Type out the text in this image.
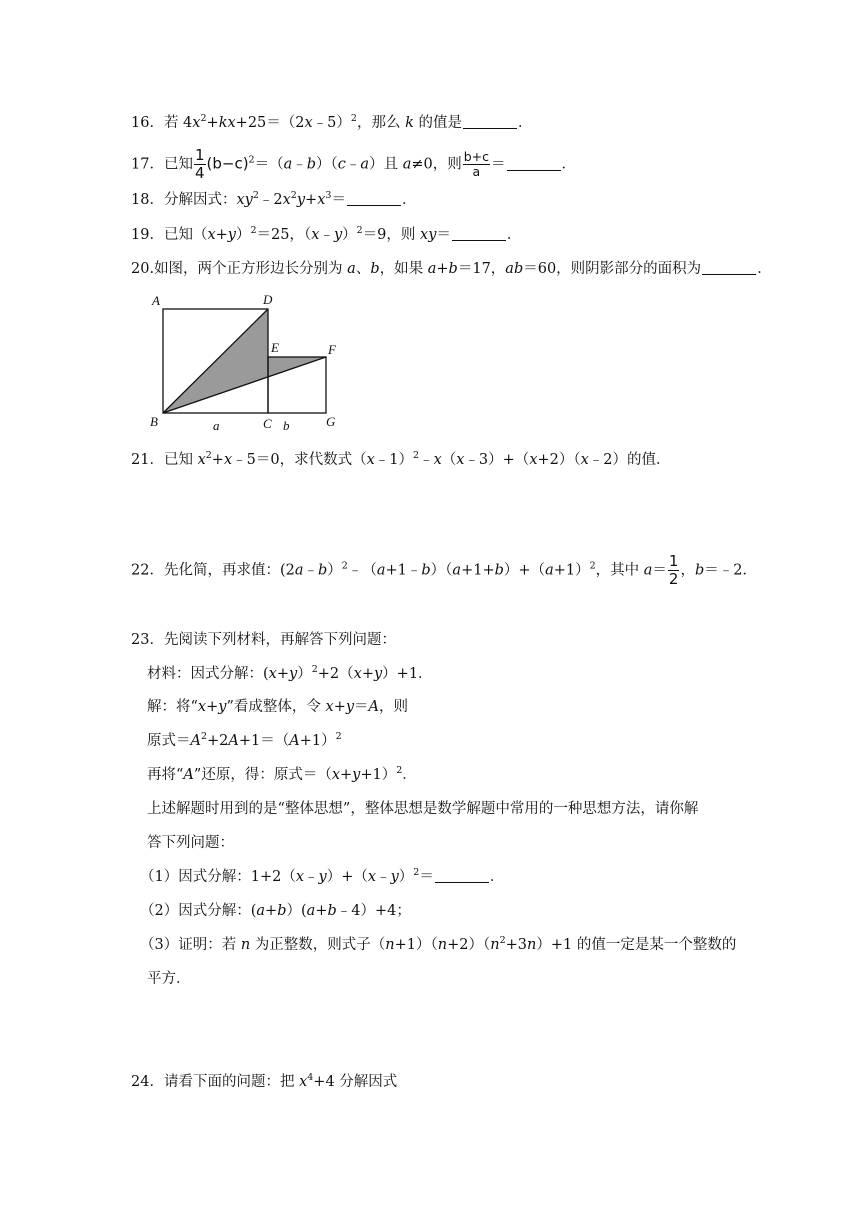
16．若 $4x^2+kx+25=(2x﹣5)^2$，那么 k 的值是	．
17．已知 $\frac{1}{4}$ $(b-c)^2=(a﹣b)(c﹣a)$且 a≠0，则 $\frac{b+c}{a}$ ＝	．
18．分解因式：$xy^2﹣2x^2y+x^3=$	．
19．已知$(x+y)^2=25$，（x﹣y）$^2$＝9，则 xy＝	．
20.如图，两个正方形边长分别为 a、b，如果 a+b＝17，ab＝60，则阴影部分的面积为	．
A	D
E	F
B	a	C b	G
21．已知 $x^2+x﹣5=0$，求代数式（x﹣1）$^2$﹣x（x﹣3）+（x+2）（x﹣2）的值．
22．先化简，再求值：$(2a﹣b)^2﹣(a+1﹣b)(a+1+b)+(a+1)^2$，其中 $a= \frac{1}{2}$ ，b＝﹣2．
23．先阅读下列材料，再解答下列问题：
材料：因式分解：(x+y）$^2$+2（x+y）+1．
解：将“x+y”看成整体，令 x+y＝A，则
原式$=A^2+2A+1=(A+1)^2$
再将“A”还原，得：原式$=(x+y+1)^2$．
上述解题时用到的是“整体思想”，整体思想是数学解题中常用的一种思想方法，请你解
答下列问题：
（1）因式分解：1+2（x﹣y）+（x﹣y）$^2$＝	．
（2）因式分解：(a+b）(a+b﹣4）+4；
（3）证明：若 n 为正整数，则式子$(n+1)(n+2)(n^2+3n)+1$ 的值一定是某一个整数的
平方．
24．请看下面的问题：把 $x^4+4$ 分解因式
